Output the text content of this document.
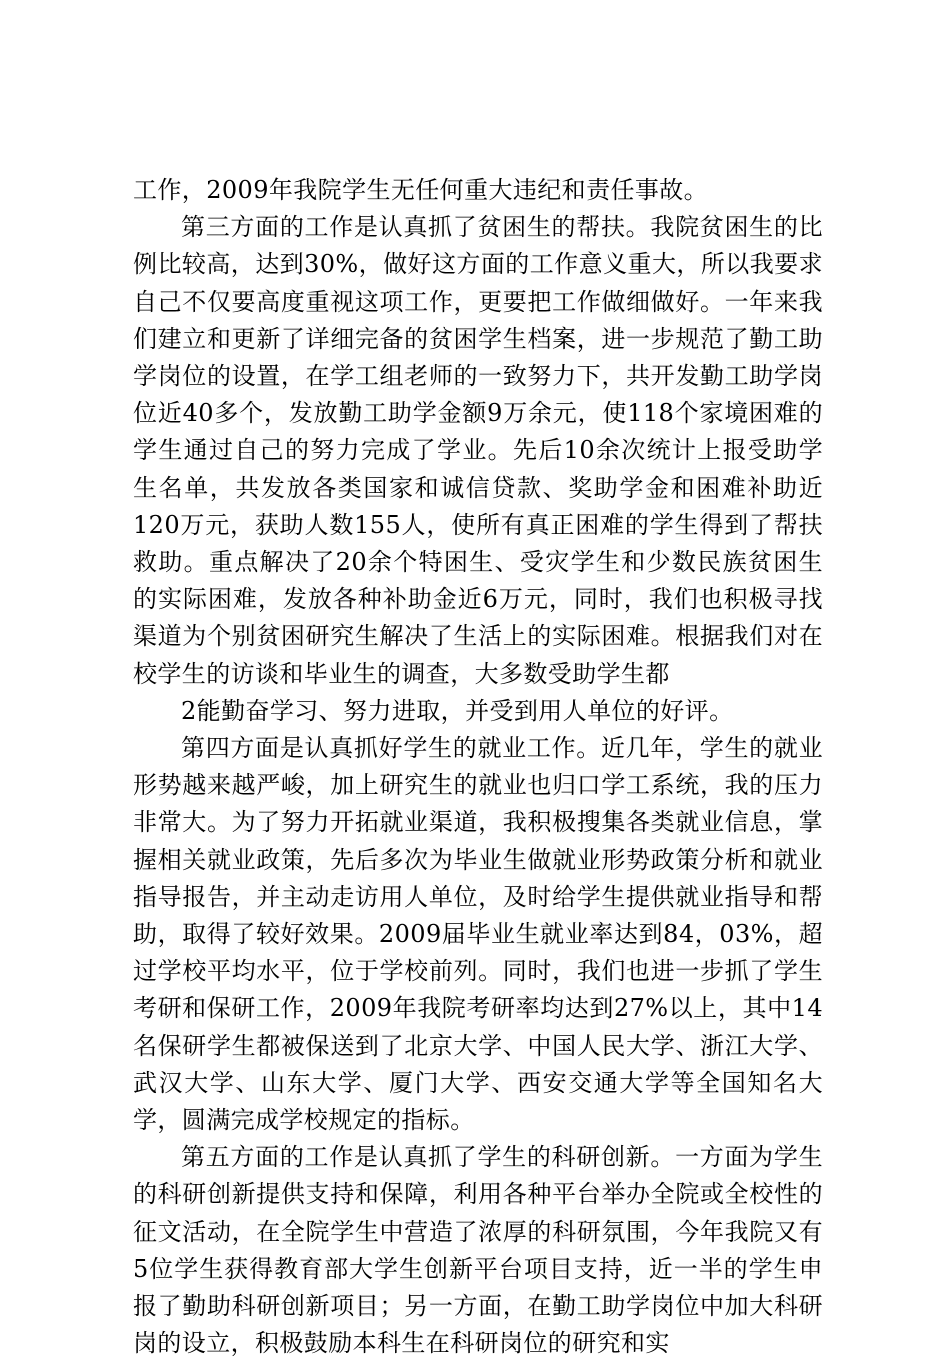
工作，2009年我院学生无任何重大违纪和责任事故。

第三方面的工作是认真抓了贫困生的帮扶。我院贫困生的比例比较高，达到30%，做好这方面的工作意义重大，所以我要求自己不仅要高度重视这项工作，更要把工作做细做好。一年来我们建立和更新了详细完备的贫困学生档案，进一步规范了勤工助学岗位的设置，在学工组老师的一致努力下，共开发勤工助学岗位近40多个，发放勤工助学金额9万余元，使118个家境困难的学生通过自己的努力完成了学业。先后10余次统计上报受助学生名单，共发放各类国家和诚信贷款、奖助学金和困难补助近120万元，获助人数155人，使所有真正困难的学生得到了帮扶救助。重点解决了20余个特困生、受灾学生和少数民族贫困生的实际困难，发放各种补助金近6万元，同时，我们也积极寻找渠道为个别贫困研究生解决了生活上的实际困难。根据我们对在校学生的访谈和毕业生的调查，大多数受助学生都

2能勤奋学习、努力进取，并受到用人单位的好评。

第四方面是认真抓好学生的就业工作。近几年，学生的就业形势越来越严峻，加上研究生的就业也归口学工系统，我的压力非常大。为了努力开拓就业渠道，我积极搜集各类就业信息，掌握相关就业政策，先后多次为毕业生做就业形势政策分析和就业指导报告，并主动走访用人单位，及时给学生提供就业指导和帮助，取得了较好效果。2009届毕业生就业率达到84，03%，超过学校平均水平，位于学校前列。同时，我们也进一步抓了学生考研和保研工作，2009年我院考研率均达到27%以上，其中14名保研学生都被保送到了北京大学、中国人民大学、浙江大学、武汉大学、山东大学、厦门大学、西安交通大学等全国知名大学，圆满完成学校规定的指标。

第五方面的工作是认真抓了学生的科研创新。一方面为学生的科研创新提供支持和保障，利用各种平台举办全院或全校性的征文活动，在全院学生中营造了浓厚的科研氛围，今年我院又有5位学生获得教育部大学生创新平台项目支持，近一半的学生申报了勤助科研创新项目；另一方面，在勤工助学岗位中加大科研岗的设立，积极鼓励本科生在科研岗位的研究和实
